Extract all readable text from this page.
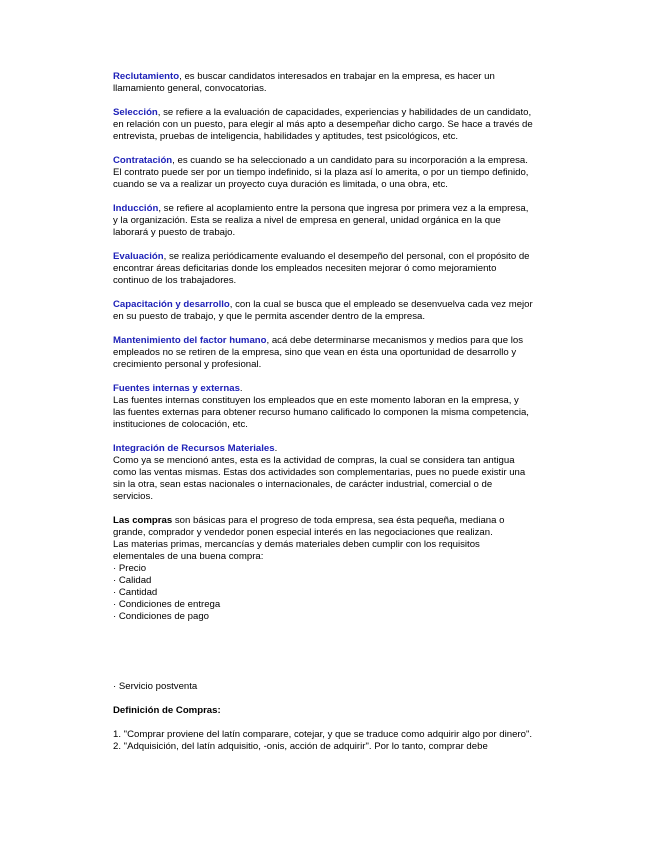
Reclutamiento, es buscar candidatos interesados en trabajar en la empresa, es hacer un llamamiento general, convocatorias.

Selección, se refiere a la evaluación de capacidades, experiencias y habilidades de un candidato, en relación con un puesto, para elegir al más apto a desempeñar dicho cargo. Se hace a través de entrevista, pruebas de inteligencia, habilidades y aptitudes, test psicológicos, etc.

Contratación, es cuando se ha seleccionado a un candidato para su incorporación a la empresa. El contrato puede ser por un tiempo indefinido, si la plaza así lo amerita, o por un tiempo definido, cuando se va a realizar un proyecto cuya duración es limitada, o una obra, etc.

Inducción, se refiere al acoplamiento entre la persona que ingresa por primera vez a la empresa, y la organización. Esta se realiza a nivel de empresa en general, unidad orgánica en la que laborará y puesto de trabajo.

Evaluación, se realiza periódicamente evaluando el desempeño del personal, con el propósito de encontrar áreas deficitarias donde los empleados necesiten mejorar ó como mejoramiento continuo de los trabajadores.

Capacitación y desarrollo, con la cual se busca que el empleado se desenvuelva cada vez mejor en su puesto de trabajo, y que le permita ascender dentro de la empresa.

Mantenimiento del factor humano, acá debe determinarse mecanismos y medios para que los empleados no se retiren de la empresa, sino que vean en ésta una oportunidad de desarrollo y crecimiento personal y profesional.

Fuentes internas y externas.
Las fuentes internas constituyen los empleados que en este momento laboran en la empresa, y las fuentes externas para obtener recurso humano calificado lo componen la misma competencia, instituciones de colocación, etc.

Integración de Recursos Materiales.
Como ya se mencionó antes, esta es la actividad de compras, la cual se considera tan antigua como las ventas mismas. Estas dos actividades son complementarias, pues no puede existir una sin la otra, sean estas nacionales o internacionales, de carácter industrial, comercial o de servicios.

Las compras son básicas para el progreso de toda empresa, sea ésta pequeña, mediana o grande, comprador y vendedor ponen especial interés en las negociaciones que realizan.
Las materias primas, mercancías y demás materiales deben cumplir con los requisitos elementales de una buena compra:
· Precio
· Calidad
· Cantidad
· Condiciones de entrega
· Condiciones de pago

· Servicio postventa

Definición de Compras:

1. "Comprar proviene del latín comparare, cotejar, y que se traduce como adquirir algo por dinero".
2. "Adquisición, del latín adquisitio, -onis, acción de adquirir". Por lo tanto, comprar debe
